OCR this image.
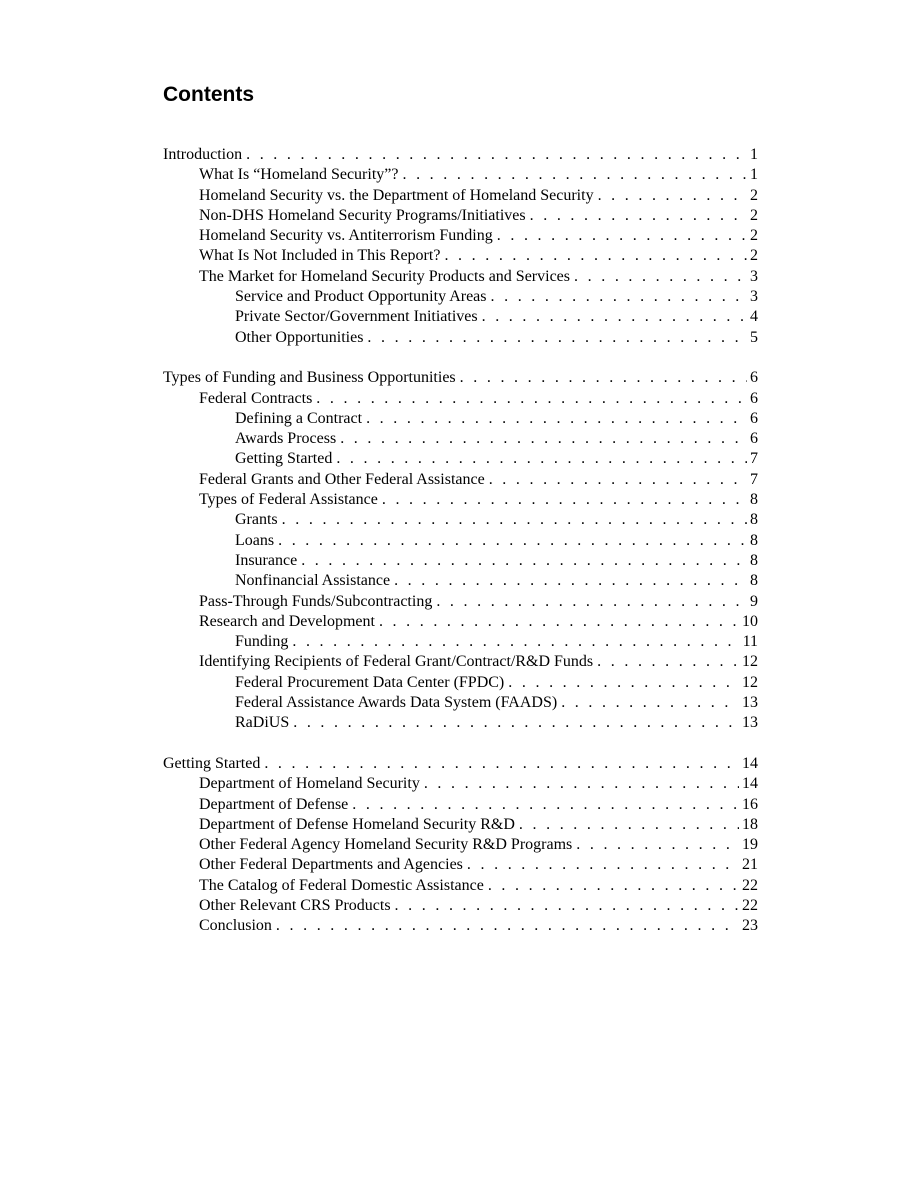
Contents
Introduction . . .	1
What Is “Homeland Security”? . . .	1
Homeland Security vs. the Department of Homeland Security . . .	2
Non-DHS Homeland Security Programs/Initiatives . . .	2
Homeland Security vs. Antiterrorism Funding . . .	2
What Is Not Included in This Report? . . .	2
The Market for Homeland Security Products and Services . . .	3
Service and Product Opportunity Areas . . .	3
Private Sector/Government Initiatives . . .	4
Other Opportunities . . .	5
Types of Funding and Business Opportunities . . .	6
Federal Contracts . . .	6
Defining a Contract . . .	6
Awards Process . . .	6
Getting Started . . .	7
Federal Grants and Other Federal Assistance . . .	7
Types of Federal Assistance . . .	8
Grants . . .	8
Loans . . .	8
Insurance . . .	8
Nonfinancial Assistance . . .	8
Pass-Through Funds/Subcontracting . . .	9
Research and Development . . .	10
Funding . . .	11
Identifying Recipients of Federal Grant/Contract/R&D Funds . . .	12
Federal Procurement Data Center (FPDC) . . .	12
Federal Assistance Awards Data System (FAADS) . . .	13
RaDiUS . . .	13
Getting Started . . .	14
Department of Homeland Security . . .	14
Department of Defense . . .	16
Department of Defense Homeland Security R&D . . .	18
Other Federal Agency Homeland Security R&D Programs . . .	19
Other Federal Departments and Agencies . . .	21
The Catalog of Federal Domestic Assistance . . .	22
Other Relevant CRS Products . . .	22
Conclusion . . .	23
